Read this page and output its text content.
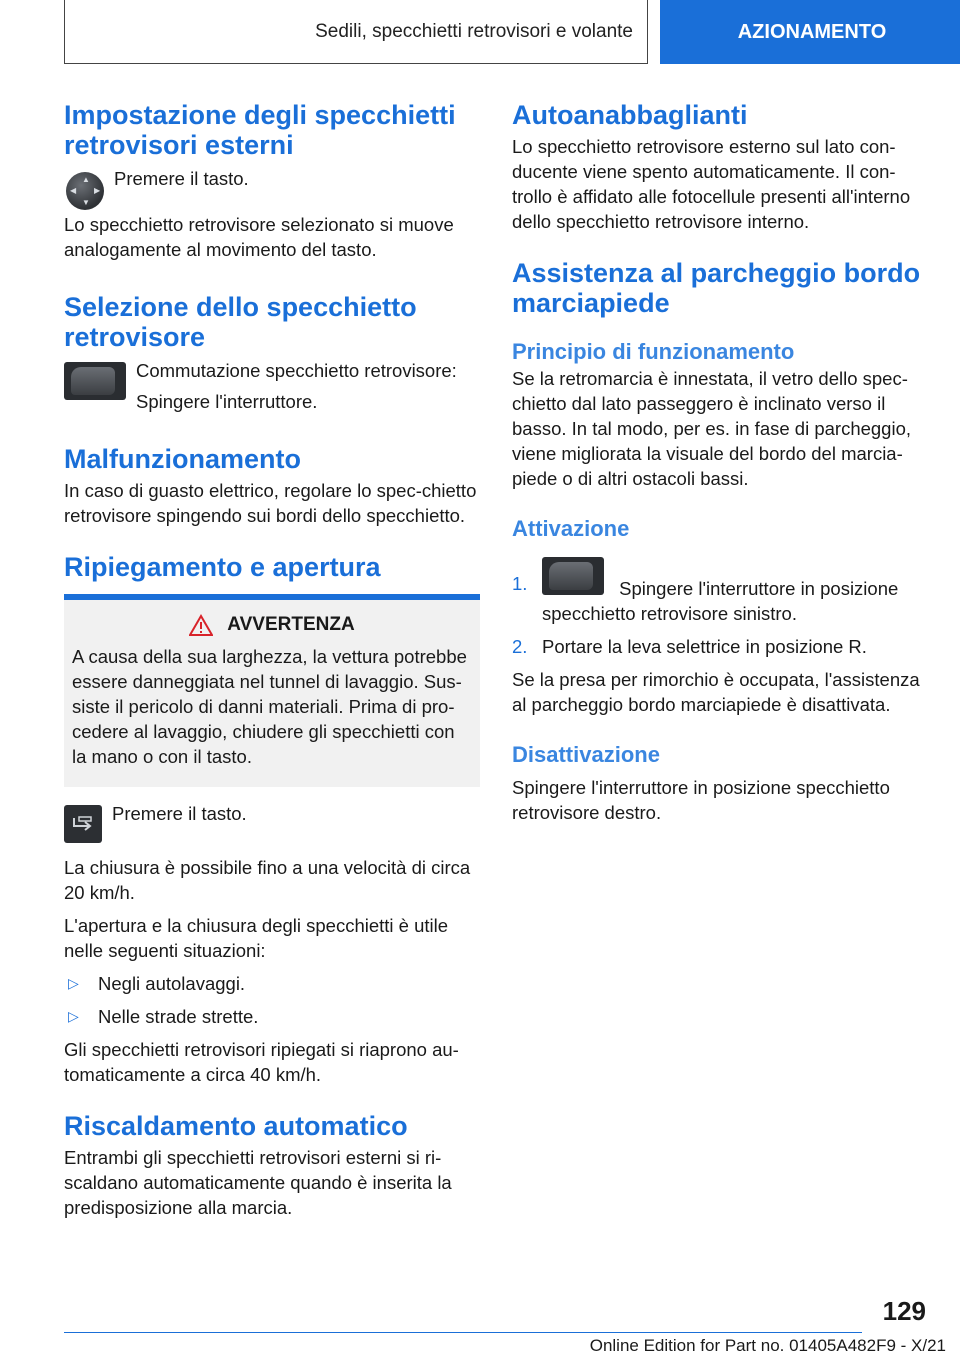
Sedili, specchietti retrovisori e volante	AZIONAMENTO
Impostazione degli specchietti retrovisori esterni
▲
▼
◀ ▶

Premere il tasto.

Lo specchietto retrovisore selezionato si muove analogamente al movimento del tasto.

Selezione dello specchietto retrovisore

Commutazione specchietto retrovisore:

Spingere l'interruttore.

Malfunzionamento

In caso di guasto elettrico, regolare lo spec-chietto retrovisore spingendo sui bordi dello specchietto.

Ripiegamento e apertura
AVVERTENZA
A causa della sua larghezza, la vettura potrebbe essere danneggiata nel tunnel di lavaggio. Sus-siste il pericolo di danni materiali. Prima di pro-cedere al lavaggio, chiudere gli specchietti con la mano o con il tasto.

Premere il tasto.

La chiusura è possibile fino a una velocità di circa 20 km/h.

L'apertura e la chiusura degli specchietti è utile nelle seguenti situazioni:

▷	Negli autolavaggi.
▷	Nelle strade strette.

Gli specchietti retrovisori ripiegati si riaprono au-tomaticamente a circa 40 km/h.

Riscaldamento automatico

Entrambi gli specchietti retrovisori esterni si ri-scaldano automaticamente quando è inserita la predisposizione alla marcia.

Autoanabbaglianti

Lo specchietto retrovisore esterno sul lato con-ducente viene spento automaticamente. Il con-trollo è affidato alle fotocellule presenti all'interno dello specchietto retrovisore interno.

Assistenza al parcheggio bordo marciapiede
Principio di funzionamento

Se la retromarcia è innestata, il vetro dello spec-chietto dal lato passeggero è inclinato verso il basso. In tal modo, per es. in fase di parcheggio, viene migliorata la visuale del bordo del marcia-piede o di altri ostacoli bassi.

Attivazione
1.	Spingere l'interruttore in posizione specchietto retrovisore sinistro.
2. Portare la leva selettrice in posizione R.

Se la presa per rimorchio è occupata, l'assistenza al parcheggio bordo marciapiede è disattivata.

Disattivazione

Spingere l'interruttore in posizione specchietto retrovisore destro.

129
Online Edition for Part no. 01405A482F9 - X/21
